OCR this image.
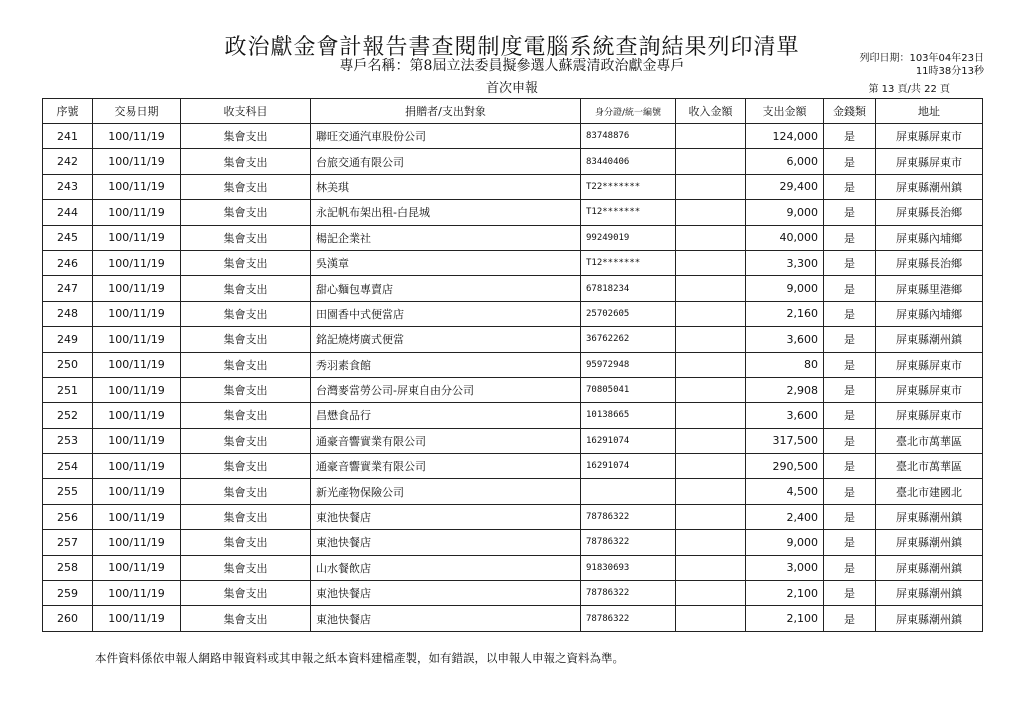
政治獻金會計報告書查閱制度電腦系統查詢結果列印清單
專戶名稱：第8屆立法委員擬參選人蘇震清政治獻金專戶
首次申報
列印日期：103年04年23日
11時38分13秒
第 13 頁/共 22 頁
序號	交易日期	收支科目	捐贈者/支出對象	身分證/統一編號	收入金額	支出金額	金錢類	地址
241	100/11/19	集會支出	聯旺交通汽車股份公司	83748876		124,000	是	屏東縣屏東市
242	100/11/19	集會支出	台旅交通有限公司	83440406		6,000	是	屏東縣屏東市
243	100/11/19	集會支出	林美琪	T22*******		29,400	是	屏東縣潮州鎮
244	100/11/19	集會支出	永記帆布架出租-白昆城	T12*******		9,000	是	屏東縣長治鄉
245	100/11/19	集會支出	楊記企業社	99249019		40,000	是	屏東縣內埔鄉
246	100/11/19	集會支出	吳漢章	T12*******		3,300	是	屏東縣長治鄉
247	100/11/19	集會支出	甜心麵包專賣店	67818234		9,000	是	屏東縣里港鄉
248	100/11/19	集會支出	田園香中式便當店	25702605		2,160	是	屏東縣內埔鄉
249	100/11/19	集會支出	銘記燒烤廣式便當	36762262		3,600	是	屏東縣潮州鎮
250	100/11/19	集會支出	秀羽素食館	95972948		80	是	屏東縣屏東市
251	100/11/19	集會支出	台灣麥當勞公司-屏東自由分公司	70805041		2,908	是	屏東縣屏東市
252	100/11/19	集會支出	昌懋食品行	10138665		3,600	是	屏東縣屏東市
253	100/11/19	集會支出	通豪音響實業有限公司	16291074		317,500	是	臺北市萬華區
254	100/11/19	集會支出	通豪音響實業有限公司	16291074		290,500	是	臺北市萬華區
255	100/11/19	集會支出	新光產物保險公司			4,500	是	臺北市建國北
256	100/11/19	集會支出	東池快餐店	78786322		2,400	是	屏東縣潮州鎮
257	100/11/19	集會支出	東池快餐店	78786322		9,000	是	屏東縣潮州鎮
258	100/11/19	集會支出	山水餐飲店	91830693		3,000	是	屏東縣潮州鎮
259	100/11/19	集會支出	東池快餐店	78786322		2,100	是	屏東縣潮州鎮
260	100/11/19	集會支出	東池快餐店	78786322		2,100	是	屏東縣潮州鎮
本件資料係依申報人網路申報資料或其申報之紙本資料建檔產製，如有錯誤，以申報人申報之資料為準。
